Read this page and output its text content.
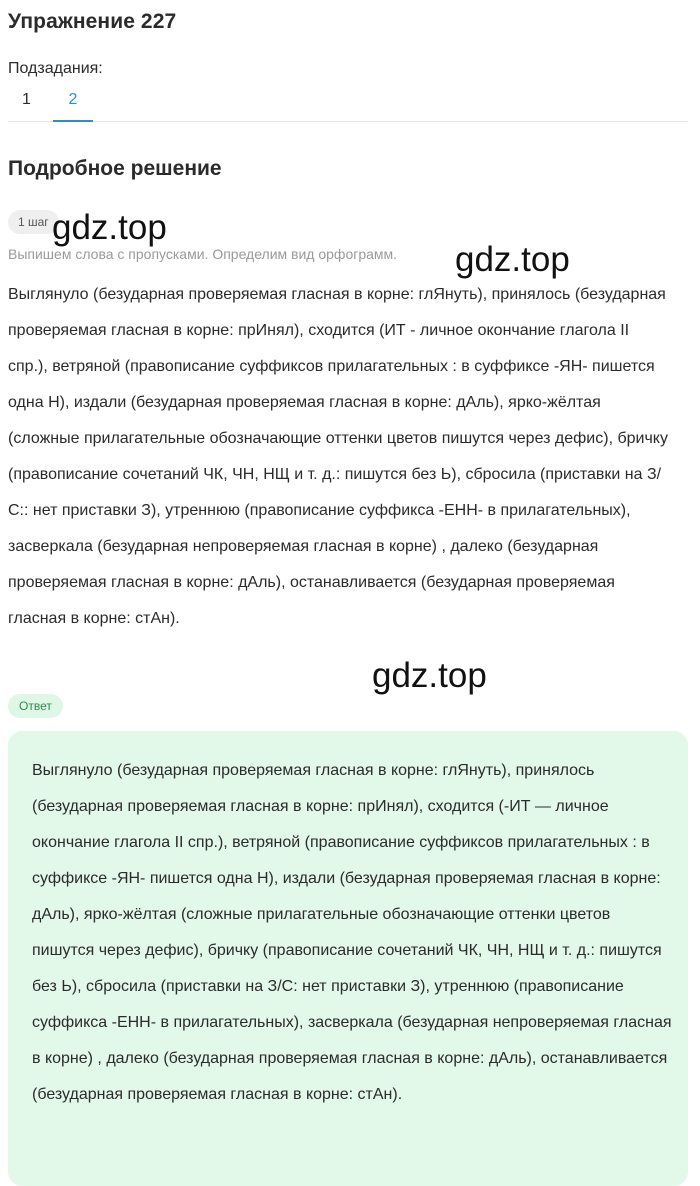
Упражнение 227
Подзадания:
1	2
Подробное решение
1 шаг
Выпишем слова с пропусками. Определим вид орфограмм.

Выглянуло (безударная проверяемая гласная в корне: глЯнуть), принялось (безударная проверяемая гласная в корне: прИнял), сходится (ИТ - личное окончание глагола II спр.), ветряной (правописание суффиксов прилагательных : в суффиксе -ЯН- пишется одна Н), издали (безударная проверяемая гласная в корне: дАль), ярко-жёлтая (сложные прилагательные обозначающие оттенки цветов пишутся через дефис), бричку (правописание сочетаний ЧК, ЧН, НЩ и т. д.: пишутся без Ь), сбросила (приставки на З/С:: нет приставки З), утреннюю (правописание суффикса -ЕНН- в прилагательных), засверкала (безударная непроверяемая гласная в корне) , далеко (безударная проверяемая гласная в корне: дАль), останавливается (безударная проверяемая гласная в корне: стАн).

Ответ

Выглянуло (безударная проверяемая гласная в корне: глЯнуть), принялось (безударная проверяемая гласная в корне: прИнял), сходится (-ИТ — личное окончание глагола II спр.), ветряной (правописание суффиксов прилагательных : в суффиксе -ЯН- пишется одна Н), издали (безударная проверяемая гласная в корне: дАль), ярко-жёлтая (сложные прилагательные обозначающие оттенки цветов пишутся через дефис), бричку (правописание сочетаний ЧК, ЧН, НЩ и т. д.: пишутся без Ь), сбросила (приставки на З/С: нет приставки З), утреннюю (правописание суффикса -ЕНН- в прилагательных), засверкала (безударная непроверяемая гласная в корне) , далеко (безударная проверяемая гласная в корне: дАль), останавливается (безударная проверяемая гласная в корне: стАн).

gdz.top
gdz.top
gdz.top
